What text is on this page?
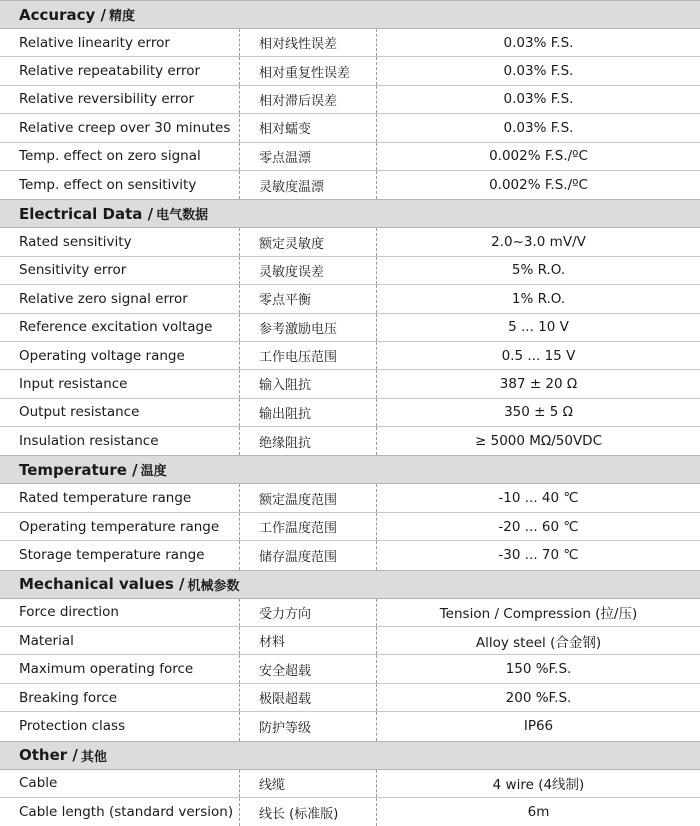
Accuracy / 精度
Relative linearity error	相对线性误差	0.03% F.S.
Relative repeatability error	相对重复性误差	0.03% F.S.
Relative reversibility error	相对滞后误差	0.03% F.S.
Relative creep over 30 minutes	相对蠕变	0.03% F.S.
Temp. effect on zero signal	零点温漂	0.002% F.S./ºC
Temp. effect on sensitivity	灵敏度温漂	0.002% F.S./ºC
Electrical Data / 电气数据
Rated sensitivity	额定灵敏度	2.0~3.0 mV/V
Sensitivity error	灵敏度误差	5% R.O.
Relative zero signal error	零点平衡	1% R.O.
Reference excitation voltage	参考激励电压	5 ... 10 V
Operating voltage range	工作电压范围	0.5 ... 15 V
Input resistance	输入阻抗	387 ± 20 Ω
Output resistance	输出阻抗	350 ± 5 Ω
Insulation resistance	绝缘阻抗	≥ 5000 MΩ/50VDC
Temperature / 温度
Rated temperature range	额定温度范围	-10 ... 40 ℃
Operating temperature range	工作温度范围	-20 ... 60 ℃
Storage temperature range	储存温度范围	-30 ... 70 ℃
Mechanical values / 机械参数
Force direction	受力方向	Tension / Compression (拉/压)
Material	材料	Alloy steel (合金钢)
Maximum operating force	安全超载	150 %F.S.
Breaking force	极限超载	200 %F.S.
Protection class	防护等级	IP66
Other / 其他
Cable	线缆	4 wire (4线制)
Cable length (standard version)	线长 (标准版)	6m
